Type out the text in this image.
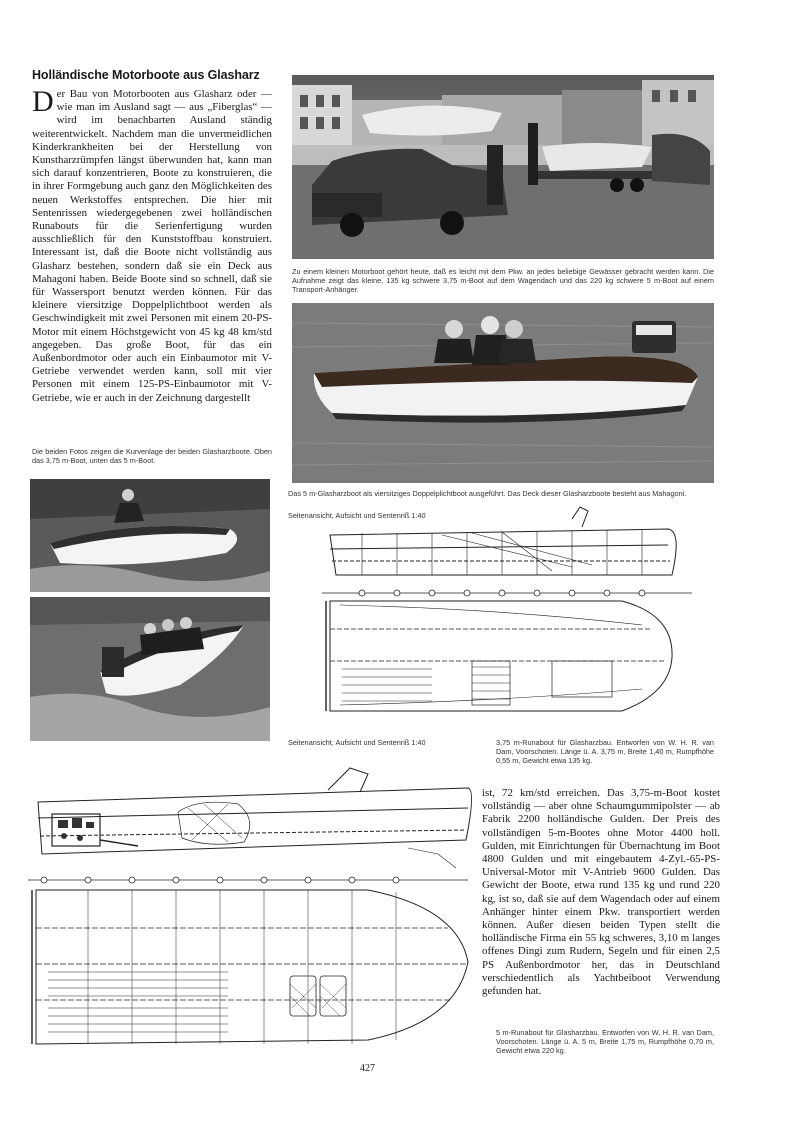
Holländische Motorboote aus Glasharz
Der Bau von Motorbooten aus Glasharz oder — wie man im Ausland sagt — aus „Fiberglas“ — wird im benachbarten Ausland ständig weiterentwickelt. Nachdem man die unvermeidlichen Kinderkrankheiten bei der Herstellung von Kunstharzrümpfen längst überwunden hat, kann man sich darauf konzentrieren, Boote zu konstruieren, die in ihrer Formgebung auch ganz den Möglichkeiten des neuen Werkstoffes entsprechen. Die hier mit Sentenrissen wiedergegebenen zwei holländischen Runabouts für die Serienfertigung wurden ausschließlich für den Kunststoffbau konstruiert. Interessant ist, daß die Boote nicht vollständig aus Glasharz bestehen, sondern daß sie ein Deck aus Mahagoni haben. Beide Boote sind so schnell, daß sie für Wassersport benutzt werden können. Für das kleinere viersitzige Doppelplichtboot werden als Geschwindigkeit mit zwei Personen mit einem 20-PS-Motor mit einem Höchstgewicht von 45 kg 48 km/std angegeben. Das große Boot, für das ein Außenbordmotor oder auch ein Einbaumotor mit V-Getriebe verwendet werden kann, soll mit vier Personen mit einem 125-PS-Einbaumotor mit V-Getriebe, wie er auch in der Zeichnung dargestellt
Zu einem kleinen Motorboot gehört heute, daß es leicht mit dem Pkw. an jedes beliebige Gewässer gebracht werden kann. Die Aufnahme zeigt das kleine, 135 kg schwere 3,75 m-Boot auf dem Wagendach und das 220 kg schwere 5 m-Boot auf einem Transport-Anhänger.
Das 5 m-Glasharzboot als viersitziges Doppelplichtboot ausgeführt. Das Deck dieser Glasharzboote besteht aus Mahagoni.
Die beiden Fotos zeigen die Kurvenlage der beiden Glasharzboote. Oben das 3,75 m-Boot, unten das 5 m-Boot.
Seitenansicht, Aufsicht und Sentenriß 1:40
Seitenansicht, Aufsicht und Sentenriß 1:40	3,75 m-Runabout für Glasharzbau. Entworfen von W. H. R. van Dam, Voorschoten. Länge ü. A. 3,75 m, Breite 1,40 m, Rumpfhöhe 0,55 m, Gewicht etwa 135 kg.
ist, 72 km/std erreichen. Das 3,75-m-Boot kostet vollständig — aber ohne Schaumgummipolster — ab Fabrik 2200 holländische Gulden. Der Preis des vollständigen 5-m-Bootes ohne Motor 4400 holl. Gulden, mit Einrichtungen für Übernachtung im Boot 4800 Gulden und mit eingebautem 4-Zyl.-65-PS-Universal-Motor mit V-Antrieb 9600 Gulden. Das Gewicht der Boote, etwa rund 135 kg und rund 220 kg, ist so, daß sie auf dem Wagendach oder auf einem Anhänger hinter einem Pkw. transportiert werden können. Außer diesen beiden Typen stellt die holländische Firma ein 55 kg schweres, 3,10 m langes offenes Dingi zum Rudern, Segeln und für einen 2,5 PS Außenbordmotor her, das in Deutschland verschiedentlich als Yachtbeiboot Verwendung gefunden hat.
5 m-Runabout für Glasharzbau. Entworfen von W. H. R. van Dam, Voorschoten. Länge ü. A. 5 m, Breite 1,75 m, Rumpfhöhe 0,70 m, Gewicht etwa 220 kg.
427
